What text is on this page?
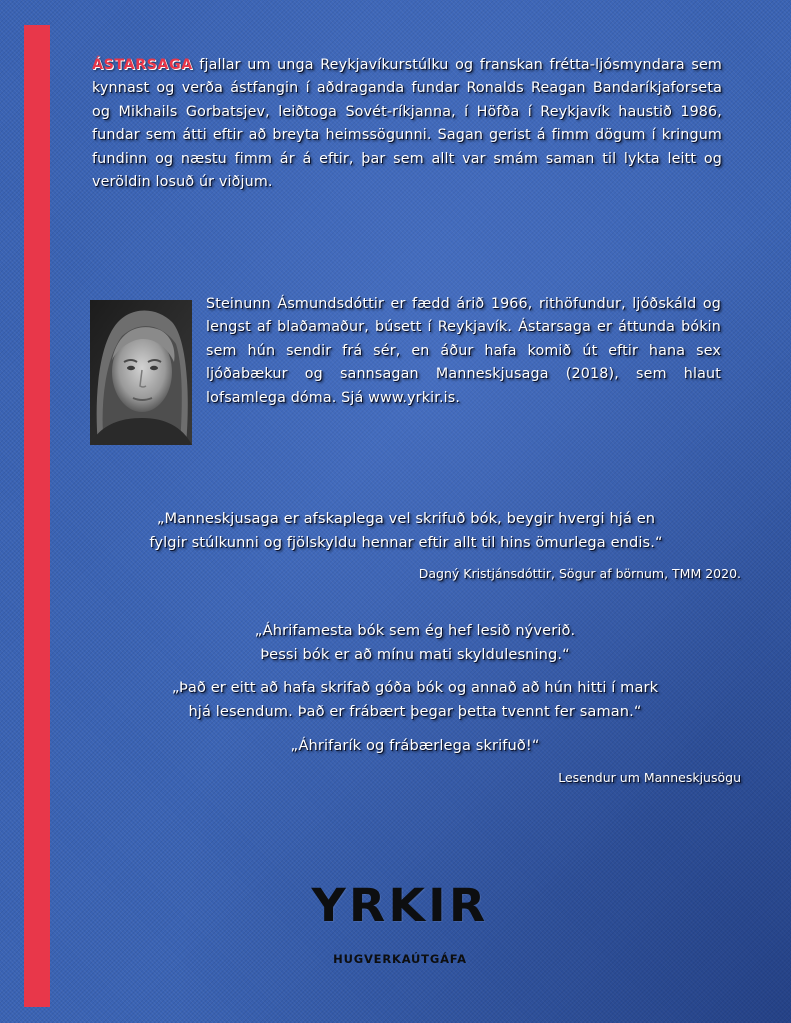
ÁSTARSAGA fjallar um unga Reykjavíkurstúlku og franskan frétta-ljósmyndara sem kynnast og verða ástfangin í aðdraganda fundar Ronalds Reagan Bandaríkjaforseta og Mikhails Gorbatsjev, leiðtoga Sovét-ríkjanna, í Höfða í Reykjavík haustið 1986, fundar sem átti eftir að breyta heimssögunni. Sagan gerist á fimm dögum í kringum fundinn og næstu fimm ár á eftir, þar sem allt var smám saman til lykta leitt og veröldin losuð úr viðjum.
Steinunn Ásmundsdóttir er fædd árið 1966, rithöfundur, ljóðskáld og lengst af blaðamaður, búsett í Reykjavík. Ástarsaga er áttunda bókin sem hún sendir frá sér, en áður hafa komið út eftir hana sex ljóðabækur og sannsagan Manneskjusaga (2018), sem hlaut lofsamlega dóma. Sjá www.yrkir.is.
„Manneskjusaga er afskaplega vel skrifuð bók, beygir hvergi hjá en
fylgir stúlkunni og fjölskyldu hennar eftir allt til hins ömurlega endis.“
Dagný Kristjánsdóttir, Sögur af börnum, TMM 2020.
„Áhrifamesta bók sem ég hef lesið nýverið.
Þessi bók er að mínu mati skyldulesning.“
„Það er eitt að hafa skrifað góða bók og annað að hún hitti í mark
hjá lesendum. Það er frábært þegar þetta tvennt fer saman.“
„Áhrifarík og frábærlega skrifuð!“
Lesendur um Manneskjusögu
YRKIR
HUGVERKAÚTGÁFA
